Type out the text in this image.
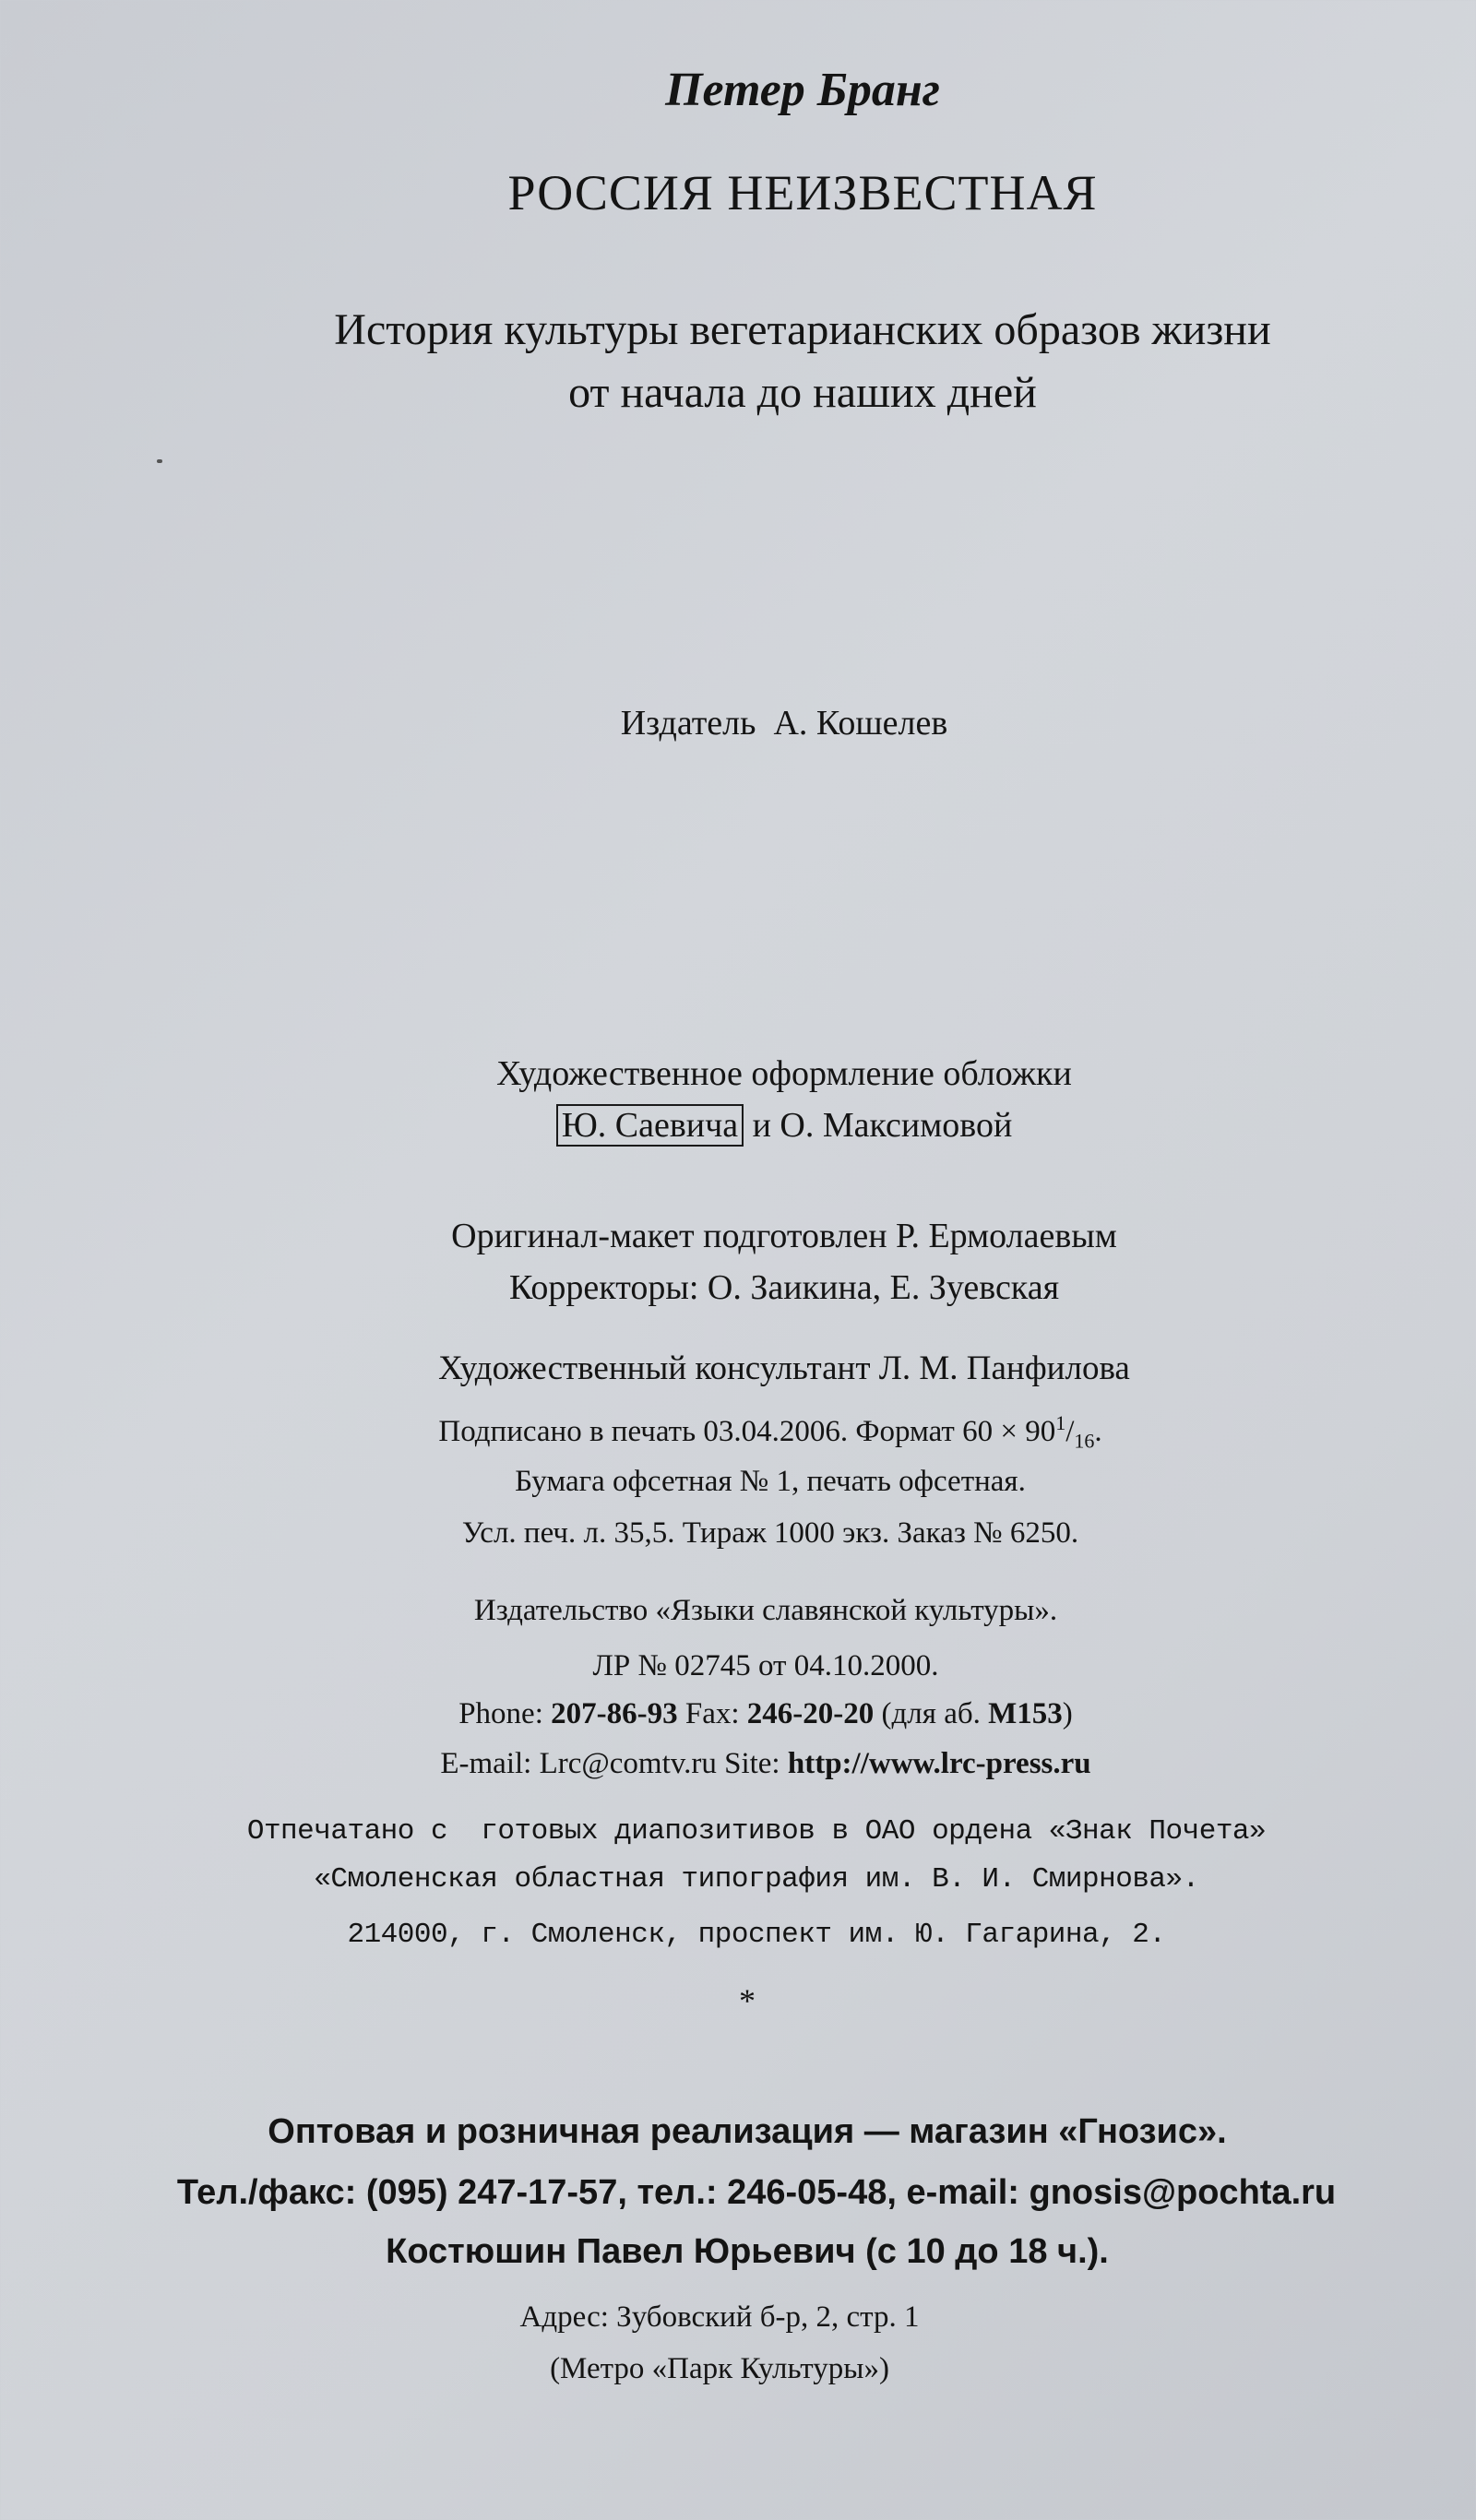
Петер Бранг
РОССИЯ НЕИЗВЕСТНАЯ
История культуры вегетарианских образов жизни
от начала до наших дней
Издатель  А. Кошелев
Художественное оформление обложки
Ю. Саевича и О. Максимовой
Оригинал-макет подготовлен Р. Ермолаевым
Корректоры: О. Заикина, Е. Зуевская
Художественный консультант Л. М. Панфилова
Подписано в печать 03.04.2006. Формат $60 \times 90^1/_{16}$.
Бумага офсетная № 1, печать офсетная.
Усл. печ. л. 35,5. Тираж 1000 экз. Заказ № 6250.
Издательство «Языки славянской культуры».
ЛР № 02745 от 04.10.2000.
Phone: 207-86-93 Fax: 246-20-20 (для аб. M153)
E-mail: Lrc@comtv.ru Site: http://www.lrc-press.ru
Отпечатано с  готовых диапозитивов в ОАО ордена «Знак Почета»
«Смоленская областная типография им. В. И. Смирнова».
214000, г. Смоленск, проспект им. Ю. Гагарина, 2.
*
Оптовая и розничная реализация — магазин «Гнозис».
Тел./факс: (095) 247-17-57, тел.: 246-05-48, e-mail: gnosis@pochta.ru
Костюшин Павел Юрьевич (с 10 до 18 ч.).
Адрес: Зубовский б-р, 2, стр. 1
(Метро «Парк Культуры»)
